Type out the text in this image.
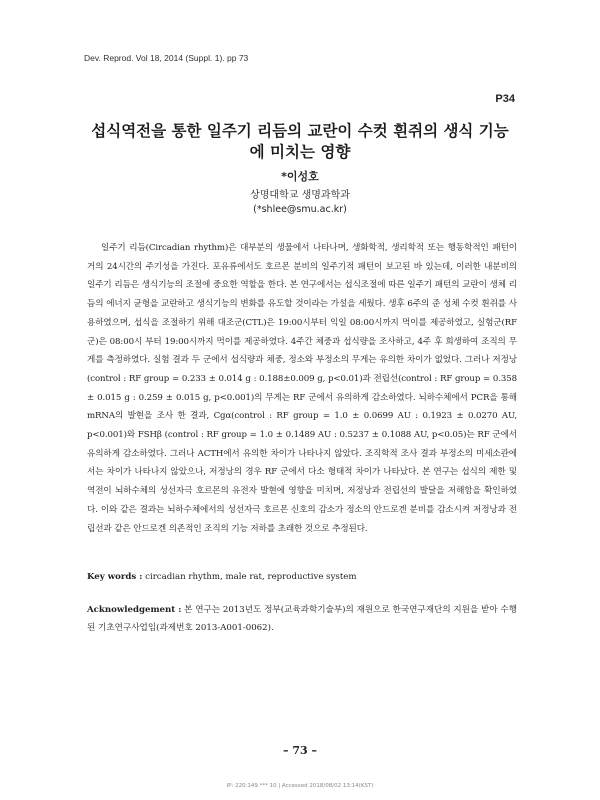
Dev. Reprod. Vol 18, 2014 (Suppl. 1). pp 73
P34
섭식역전을 통한 일주기 리듬의 교란이 수컷 흰쥐의 생식 기능에 미치는 영향
*이성호
상명대학교 생명과학과
(*shlee@smu.ac.kr)

일주기 리듬(Circadian rhythm)은 대부분의 생물에서 나타나며, 생화학적, 생리학적 또는 행동학적인 패턴이 거의 24시간의 주기성을 가진다. 포유류에서도 호르몬 분비의 일주기적 패턴이 보고된 바 있는데, 이러한 내분비의 일주기 리듬은 생식기능의 조절에 중요한 역할을 한다. 본 연구에서는 섭식조절에 따른 일주기 패턴의 교란이 생체 리듬의 에너지 균형을 교란하고 생식기능의 변화를 유도할 것이라는 가설을 세웠다. 생후 6주의 준 성체 수컷 흰쥐를 사용하였으며, 섭식을 조절하기 위해 대조군(CTL)은 19:00시부터 익일 08:00시까지 먹이를 제공하였고, 실험군(RF 군)은 08:00시 부터 19:00시까지 먹이를 제공하였다. 4주간 체중과 섭식량을 조사하고, 4주 후 희생하여 조직의 무게를 측정하였다. 실험 결과 두 군에서 섭식량과 체중, 정소와 부정소의 무게는 유의한 차이가 없었다. 그러나 저정낭(control : RF group = 0.233 ± 0.014 g : 0.188±0.009 g, p<0.01)과 전립선(control : RF group = 0.358 ± 0.015 g : 0.259 ± 0.015 g, p<0.001)의 무게는 RF 군에서 유의하게 감소하였다. 뇌하수체에서 PCR을 통해 mRNA의 발현을 조사 한 결과, Cgα(control : RF group = 1.0 ± 0.0699 AU : 0.1923 ± 0.0270 AU, p<0.001)와 FSHβ (control : RF group = 1.0 ± 0.1489 AU : 0.5237 ± 0.1088 AU, p<0.05)는 RF 군에서 유의하게 감소하였다. 그러나 ACTH에서 유의한 차이가 나타나지 않았다. 조직학적 조사 결과 부정소의 미세소관에서는 차이가 나타나지 않았으나, 저정낭의 경우 RF 군에서 다소 형태적 차이가 나타났다. 본 연구는 섭식의 제한 및 역전이 뇌하수체의 성선자극 호르몬의 유전자 발현에 영향을 미치며, 저정낭과 전립선의 발달을 저해함을 확인하였다. 이와 같은 결과는 뇌하수체에서의 성선자극 호르몬 신호의 감소가 정소의 안드로겐 분비를 감소시켜 저정낭과 전립선과 같은 안드로겐 의존적인 조직의 기능 저하를 초래한 것으로 추정된다.

Key words : circadian rhythm, male rat, reproductive system

Acknowledgement : 본 연구는 2013년도 정부(교육과학기술부)의 재원으로 한국연구재단의 지원을 받아 수행된 기초연구사업임(과제번호 2013-A001-0062).

– 73 –
IP: 220.149.*** 10 | Accessed 2018/08/02 13:14(KST)
